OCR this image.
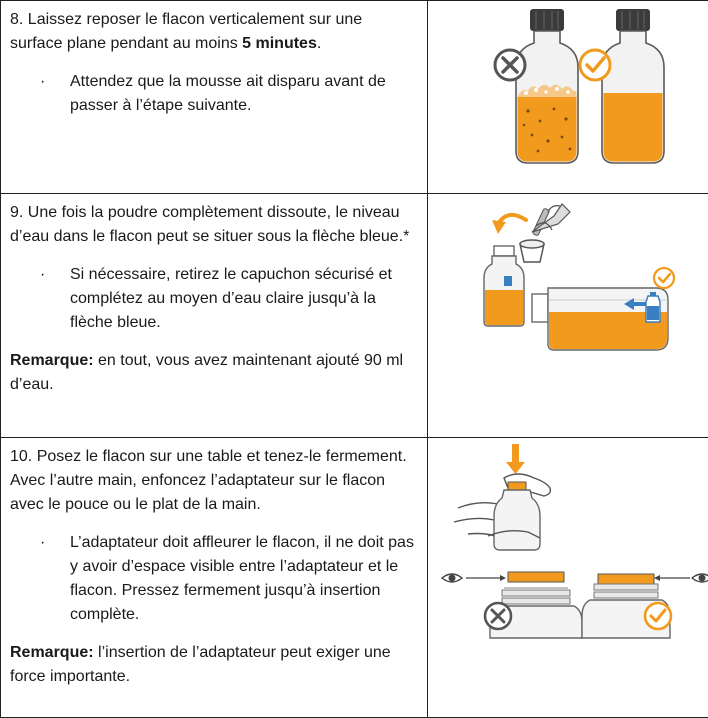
8. Laissez reposer le flacon verticalement sur une surface plane pendant au moins 5 minutes.

· Attendez que la mousse ait disparu avant de passer à l’étape suivante.

9. Une fois la poudre complètement dissoute, le niveau d’eau dans le flacon peut se situer sous la flèche bleue.*

· Si nécessaire, retirez le capuchon sécurisé et complétez au moyen d’eau claire jusqu’à la flèche bleue.

Remarque: en tout, vous avez maintenant ajouté 90 ml d’eau.

10. Posez le flacon sur une table et tenez-le fermement. Avec l’autre main, enfoncez l’adaptateur sur le flacon avec le pouce ou le plat de la main.

· L’adaptateur doit affleurer le flacon, il ne doit pas y avoir d’espace visible entre l’adaptateur et le flacon. Pressez fermement jusqu’à insertion complète.

Remarque: l’insertion de l’adaptateur peut exiger une force importante.
